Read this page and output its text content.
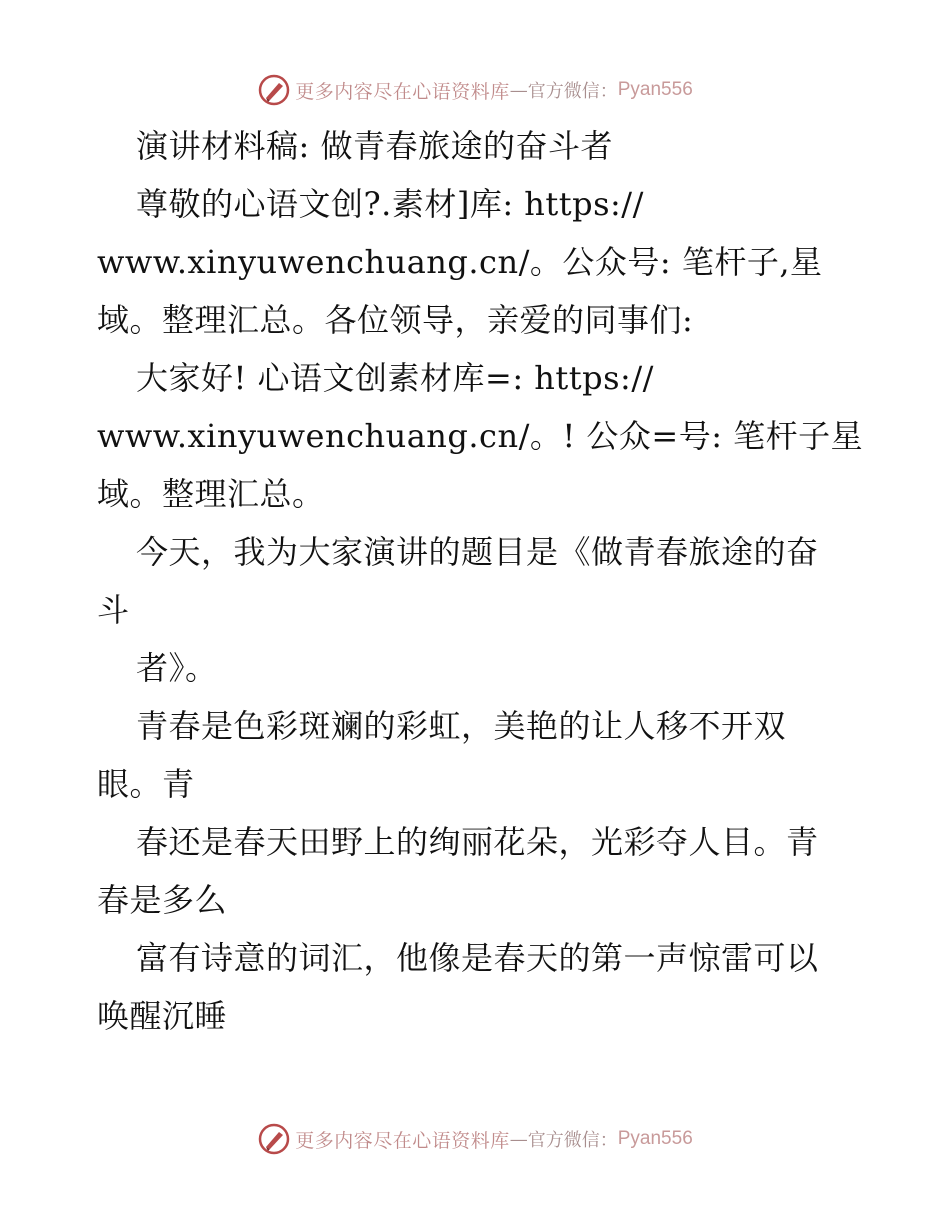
更多内容尽在心语资料库 — 官方微信： Pyan556
演讲材料稿: 做青春旅途的奋斗者
尊敬的心语文创?.素材]库: https://
www.xinyuwenchuang.cn/。公众号: 笔杆子,星
域。整理汇总。各位领导，亲爱的同事们:
大家好! 心语文创素材库=: https://
www.xinyuwenchuang.cn/。! 公众=号: 笔杆子星
域。整理汇总。
今天，我为大家演讲的题目是《做青春旅途的奋
斗
者》。
青春是色彩斑斓的彩虹，美艳的让人移不开双
眼。青
春还是春天田野上的绚丽花朵，光彩夺人目。青
春是多么
富有诗意的词汇，他像是春天的第一声惊雷可以
唤醒沉睡
更多内容尽在心语资料库 — 官方微信： Pyan556
